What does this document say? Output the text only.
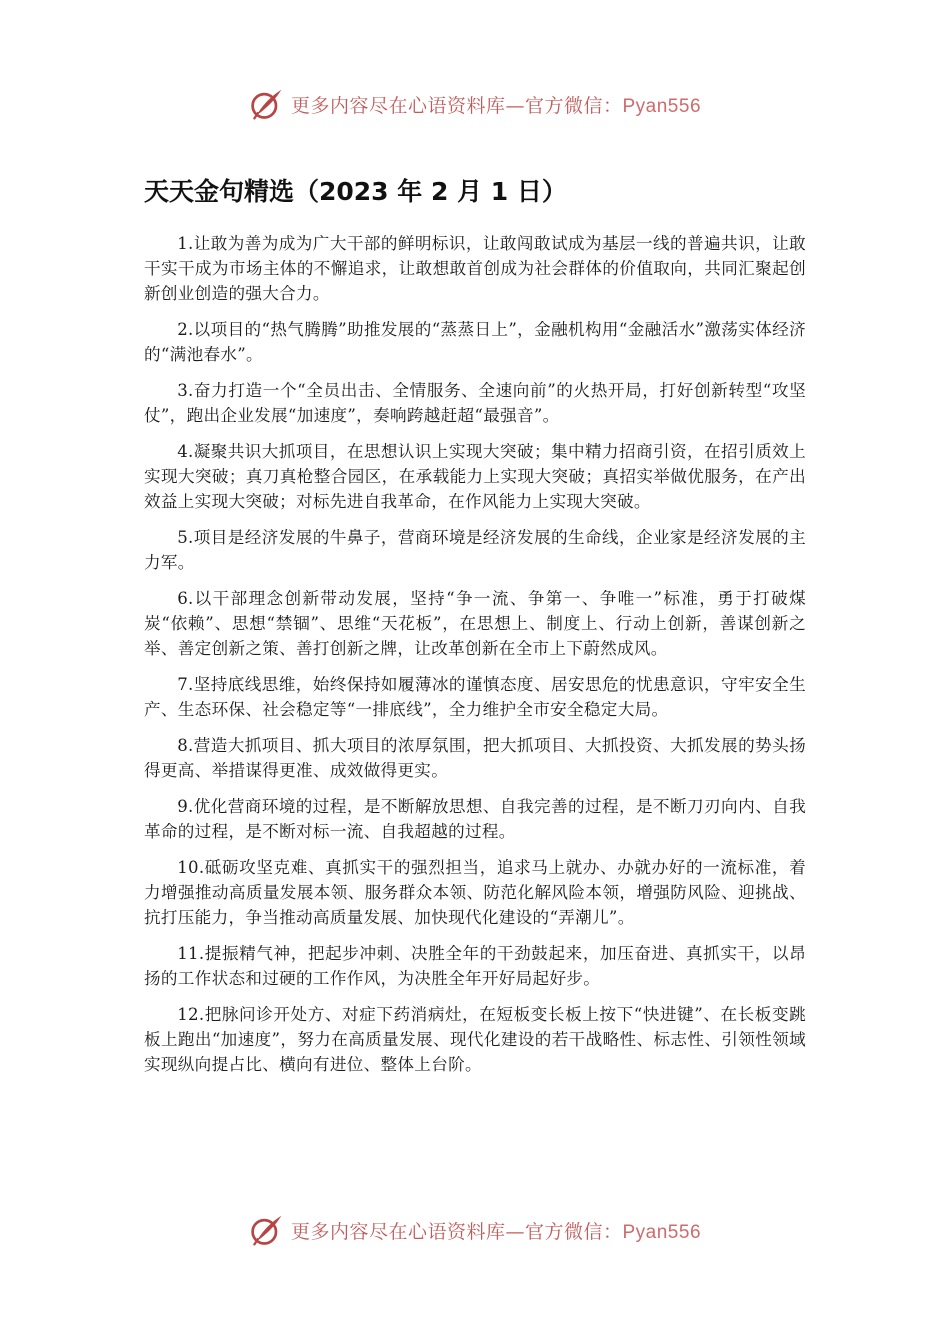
更多内容尽在心语资料库—官方微信：Pyan556
天天金句精选（2023 年 2 月 1 日）

1.让敢为善为成为广大干部的鲜明标识，让敢闯敢试成为基层一线的普遍共识，让敢干实干成为市场主体的不懈追求，让敢想敢首创成为社会群体的价值取向，共同汇聚起创新创业创造的强大合力。

2.以项目的“热气腾腾”助推发展的“蒸蒸日上”，金融机构用“金融活水”激荡实体经济的“满池春水”。

3.奋力打造一个“全员出击、全情服务、全速向前”的火热开局，打好创新转型“攻坚仗”，跑出企业发展“加速度”，奏响跨越赶超“最强音”。

4.凝聚共识大抓项目，在思想认识上实现大突破；集中精力招商引资，在招引质效上实现大突破；真刀真枪整合园区，在承载能力上实现大突破；真招实举做优服务，在产出效益上实现大突破；对标先进自我革命，在作风能力上实现大突破。

5.项目是经济发展的牛鼻子，营商环境是经济发展的生命线，企业家是经济发展的主力军。

6.以干部理念创新带动发展，坚持“争一流、争第一、争唯一”标准，勇于打破煤炭“依赖”、思想“禁锢”、思维“天花板”，在思想上、制度上、行动上创新，善谋创新之举、善定创新之策、善打创新之牌，让改革创新在全市上下蔚然成风。

7.坚持底线思维，始终保持如履薄冰的谨慎态度、居安思危的忧患意识，守牢安全生产、生态环保、社会稳定等“一排底线”，全力维护全市安全稳定大局。

8.营造大抓项目、抓大项目的浓厚氛围，把大抓项目、大抓投资、大抓发展的势头扬得更高、举措谋得更准、成效做得更实。

9.优化营商环境的过程，是不断解放思想、自我完善的过程，是不断刀刃向内、自我革命的过程，是不断对标一流、自我超越的过程。

10.砥砺攻坚克难、真抓实干的强烈担当，追求马上就办、办就办好的一流标准，着力增强推动高质量发展本领、服务群众本领、防范化解风险本领，增强防风险、迎挑战、抗打压能力，争当推动高质量发展、加快现代化建设的“弄潮儿”。

11.提振精气神，把起步冲刺、决胜全年的干劲鼓起来，加压奋进、真抓实干，以昂扬的工作状态和过硬的工作作风，为决胜全年开好局起好步。

12.把脉问诊开处方、对症下药消病灶，在短板变长板上按下“快进键”、在长板变跳板上跑出“加速度”，努力在高质量发展、现代化建设的若干战略性、标志性、引领性领域实现纵向提占比、横向有进位、整体上台阶。

更多内容尽在心语资料库—官方微信：Pyan556
